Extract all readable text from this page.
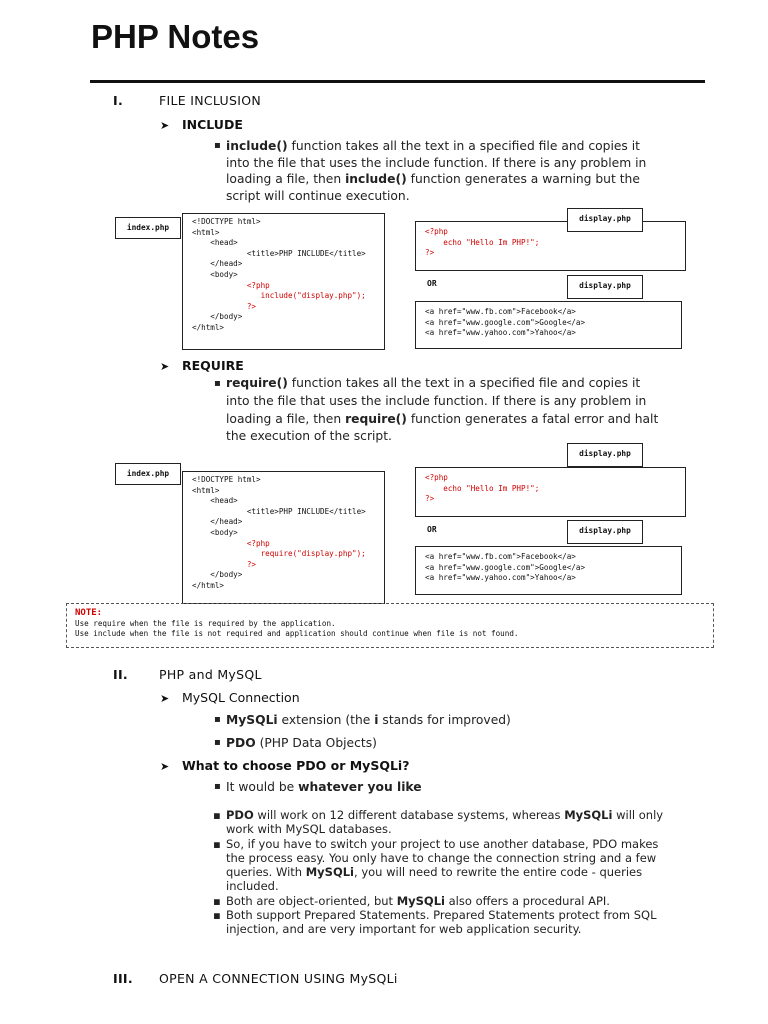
PHP Notes
I.	FILE INCLUSION
➤ INCLUDE
▪ include() function takes all the text in a specified file and copies it into the file that uses the include function. If there is any problem in loading a file, then include() function generates a warning but the script will continue execution.
index.php
<!DOCTYPE html>
<html>
<head>
<title>PHP INCLUDE</title>
</head>
<body>
<?php
include("display.php");
?>
</body>
</html>
<?php
echo "Hello Im PHP!";
?>
display.php
OR
<a href="www.fb.com">Facebook</a>
<a href="www.google.com">Google</a>
<a href="www.yahoo.com">Yahoo</a>
display.php
➤ REQUIRE
▪ require() function takes all the text in a specified file and copies it into the file that uses the include function. If there is any problem in loading a file, then require() function generates a fatal error and halt the execution of the script.
index.php
<!DOCTYPE html>
<html>
<head>
<title>PHP INCLUDE</title>
</head>
<body>
<?php
require("display.php");
?>
</body>
</html>
<?php
echo "Hello Im PHP!";
?>
display.php
OR
<a href="www.fb.com">Facebook</a>
<a href="www.google.com">Google</a>
<a href="www.yahoo.com">Yahoo</a>
display.php
NOTE:
Use require when the file is required by the application.
Use include when the file is not required and application should continue when file is not found.
II. PHP and MySQL
➤ MySQL Connection
▪ MySQLi extension (the i stands for improved)
▪ PDO (PHP Data Objects)
➤ What to choose PDO or MySQLi?
▪ It would be whatever you like
▪ PDO will work on 12 different database systems, whereas MySQLi will only work with MySQL databases.
▪ So, if you have to switch your project to use another database, PDO makes the process easy. You only have to change the connection string and a few queries. With MySQLi, you will need to rewrite the entire code - queries included.
▪ Both are object-oriented, but MySQLi also offers a procedural API.
▪ Both support Prepared Statements. Prepared Statements protect from SQL injection, and are very important for web application security.
III. OPEN A CONNECTION USING MySQLi
